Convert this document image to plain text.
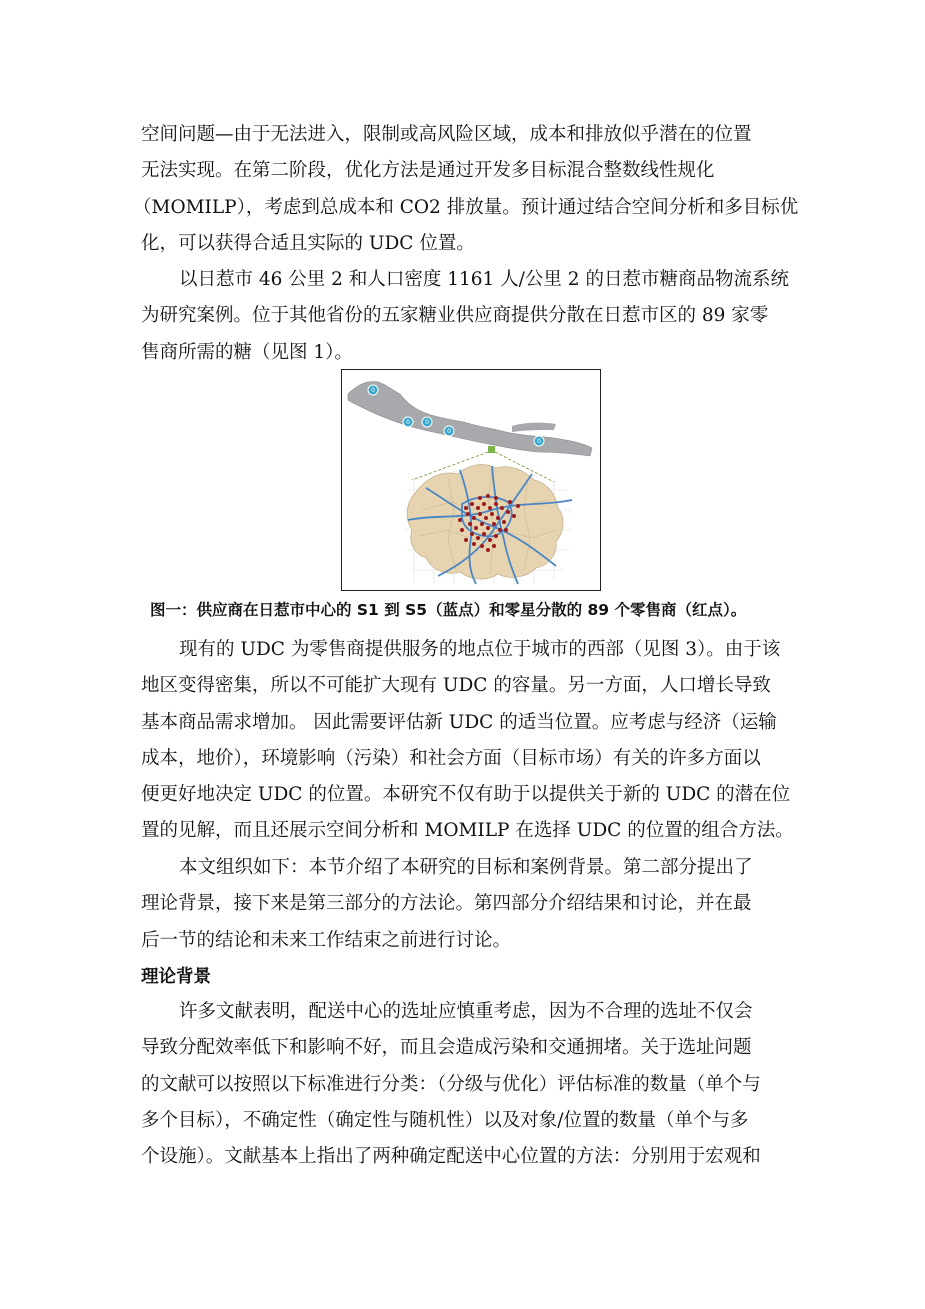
空间问题—由于无法进入，限制或高风险区域，成本和排放似乎潜在的位置
无法实现。在第二阶段，优化方法是通过开发多目标混合整数线性规化
（MOMILP），考虑到总成本和 CO2 排放量。预计通过结合空间分析和多目标优
化，可以获得合适且实际的 UDC 位置。
以日惹市 46 公里 2 和人口密度 1161 人/公里 2 的日惹市糖商品物流系统
为研究案例。位于其他省份的五家糖业供应商提供分散在日惹市区的 89 家零
售商所需的糖（见图 1）。
0
0	0
0
0
图一：供应商在日惹市中心的 S1 到 S5（蓝点）和零星分散的 89 个零售商（红点）。
现有的 UDC 为零售商提供服务的地点位于城市的西部（见图 3）。由于该
地区变得密集，所以不可能扩大现有 UDC 的容量。另一方面，人口增长导致
基本商品需求增加。 因此需要评估新 UDC 的适当位置。应考虑与经济（运输
成本，地价），环境影响（污染）和社会方面（目标市场）有关的许多方面以
便更好地决定 UDC 的位置。本研究不仅有助于以提供关于新的 UDC 的潜在位
置的见解，而且还展示空间分析和 MOMILP 在选择 UDC 的位置的组合方法。
本文组织如下：本节介绍了本研究的目标和案例背景。第二部分提出了
理论背景，接下来是第三部分的方法论。第四部分介绍结果和讨论，并在最
后一节的结论和未来工作结束之前进行讨论。
理论背景
许多文献表明，配送中心的选址应慎重考虑，因为不合理的选址不仅会
导致分配效率低下和影响不好，而且会造成污染和交通拥堵。关于选址问题
的文献可以按照以下标准进行分类：（分级与优化）评估标准的数量（单个与
多个目标），不确定性（确定性与随机性）以及对象/位置的数量（单个与多
个设施）。文献基本上指出了两种确定配送中心位置的方法：分别用于宏观和
